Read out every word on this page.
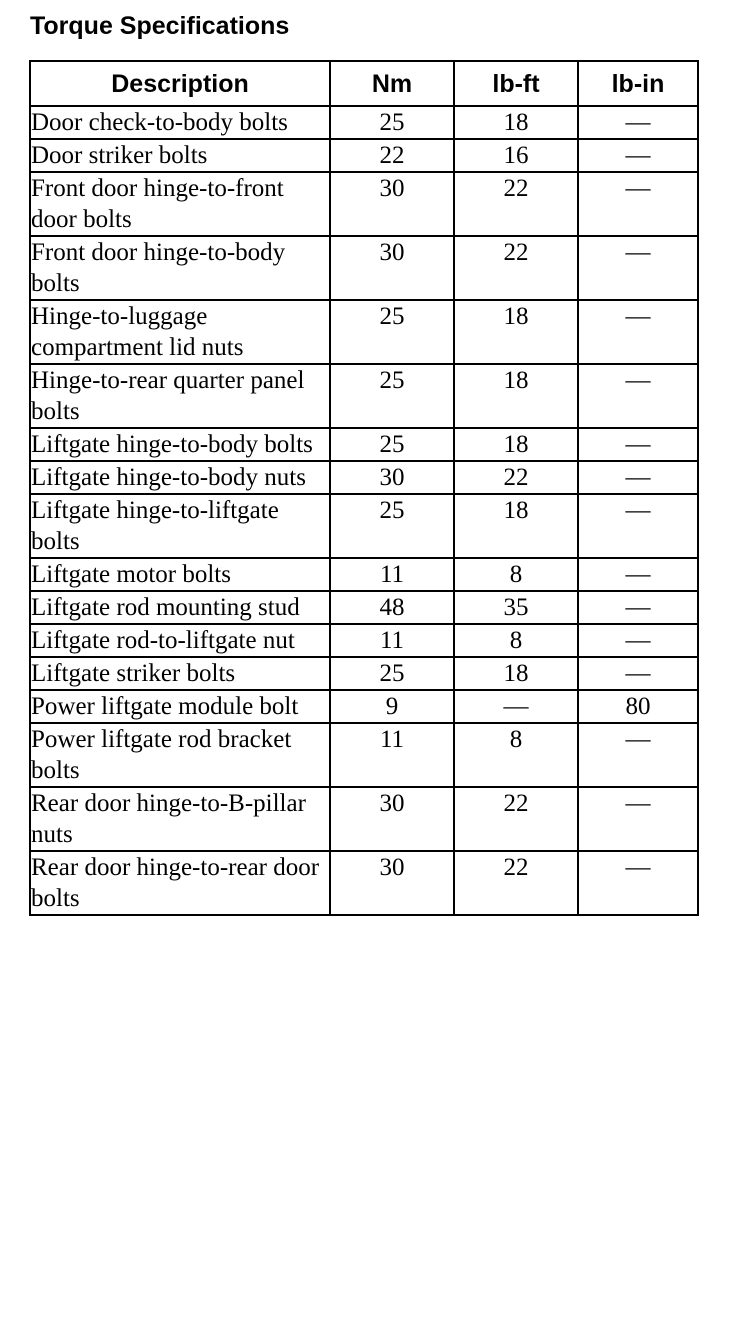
Torque Specifications
Description	Nm	lb-ft	lb-in
Door check-to-body bolts	25	18	—
Door striker bolts	22	16	—
Front door hinge-to-front door bolts	30	22	—
Front door hinge-to-body bolts	30	22	—
Hinge-to-luggage compartment lid nuts	25	18	—
Hinge-to-rear quarter panel bolts	25	18	—
Liftgate hinge-to-body bolts	25	18	—
Liftgate hinge-to-body nuts	30	22	—
Liftgate hinge-to-liftgate bolts	25	18	—
Liftgate motor bolts	11	8	—
Liftgate rod mounting stud	48	35	—
Liftgate rod-to-liftgate nut	11	8	—
Liftgate striker bolts	25	18	—
Power liftgate module bolt	9	—	80
Power liftgate rod bracket bolts	11	8	—
Rear door hinge-to-B-pillar nuts	30	22	—
Rear door hinge-to-rear door bolts	30	22	—
